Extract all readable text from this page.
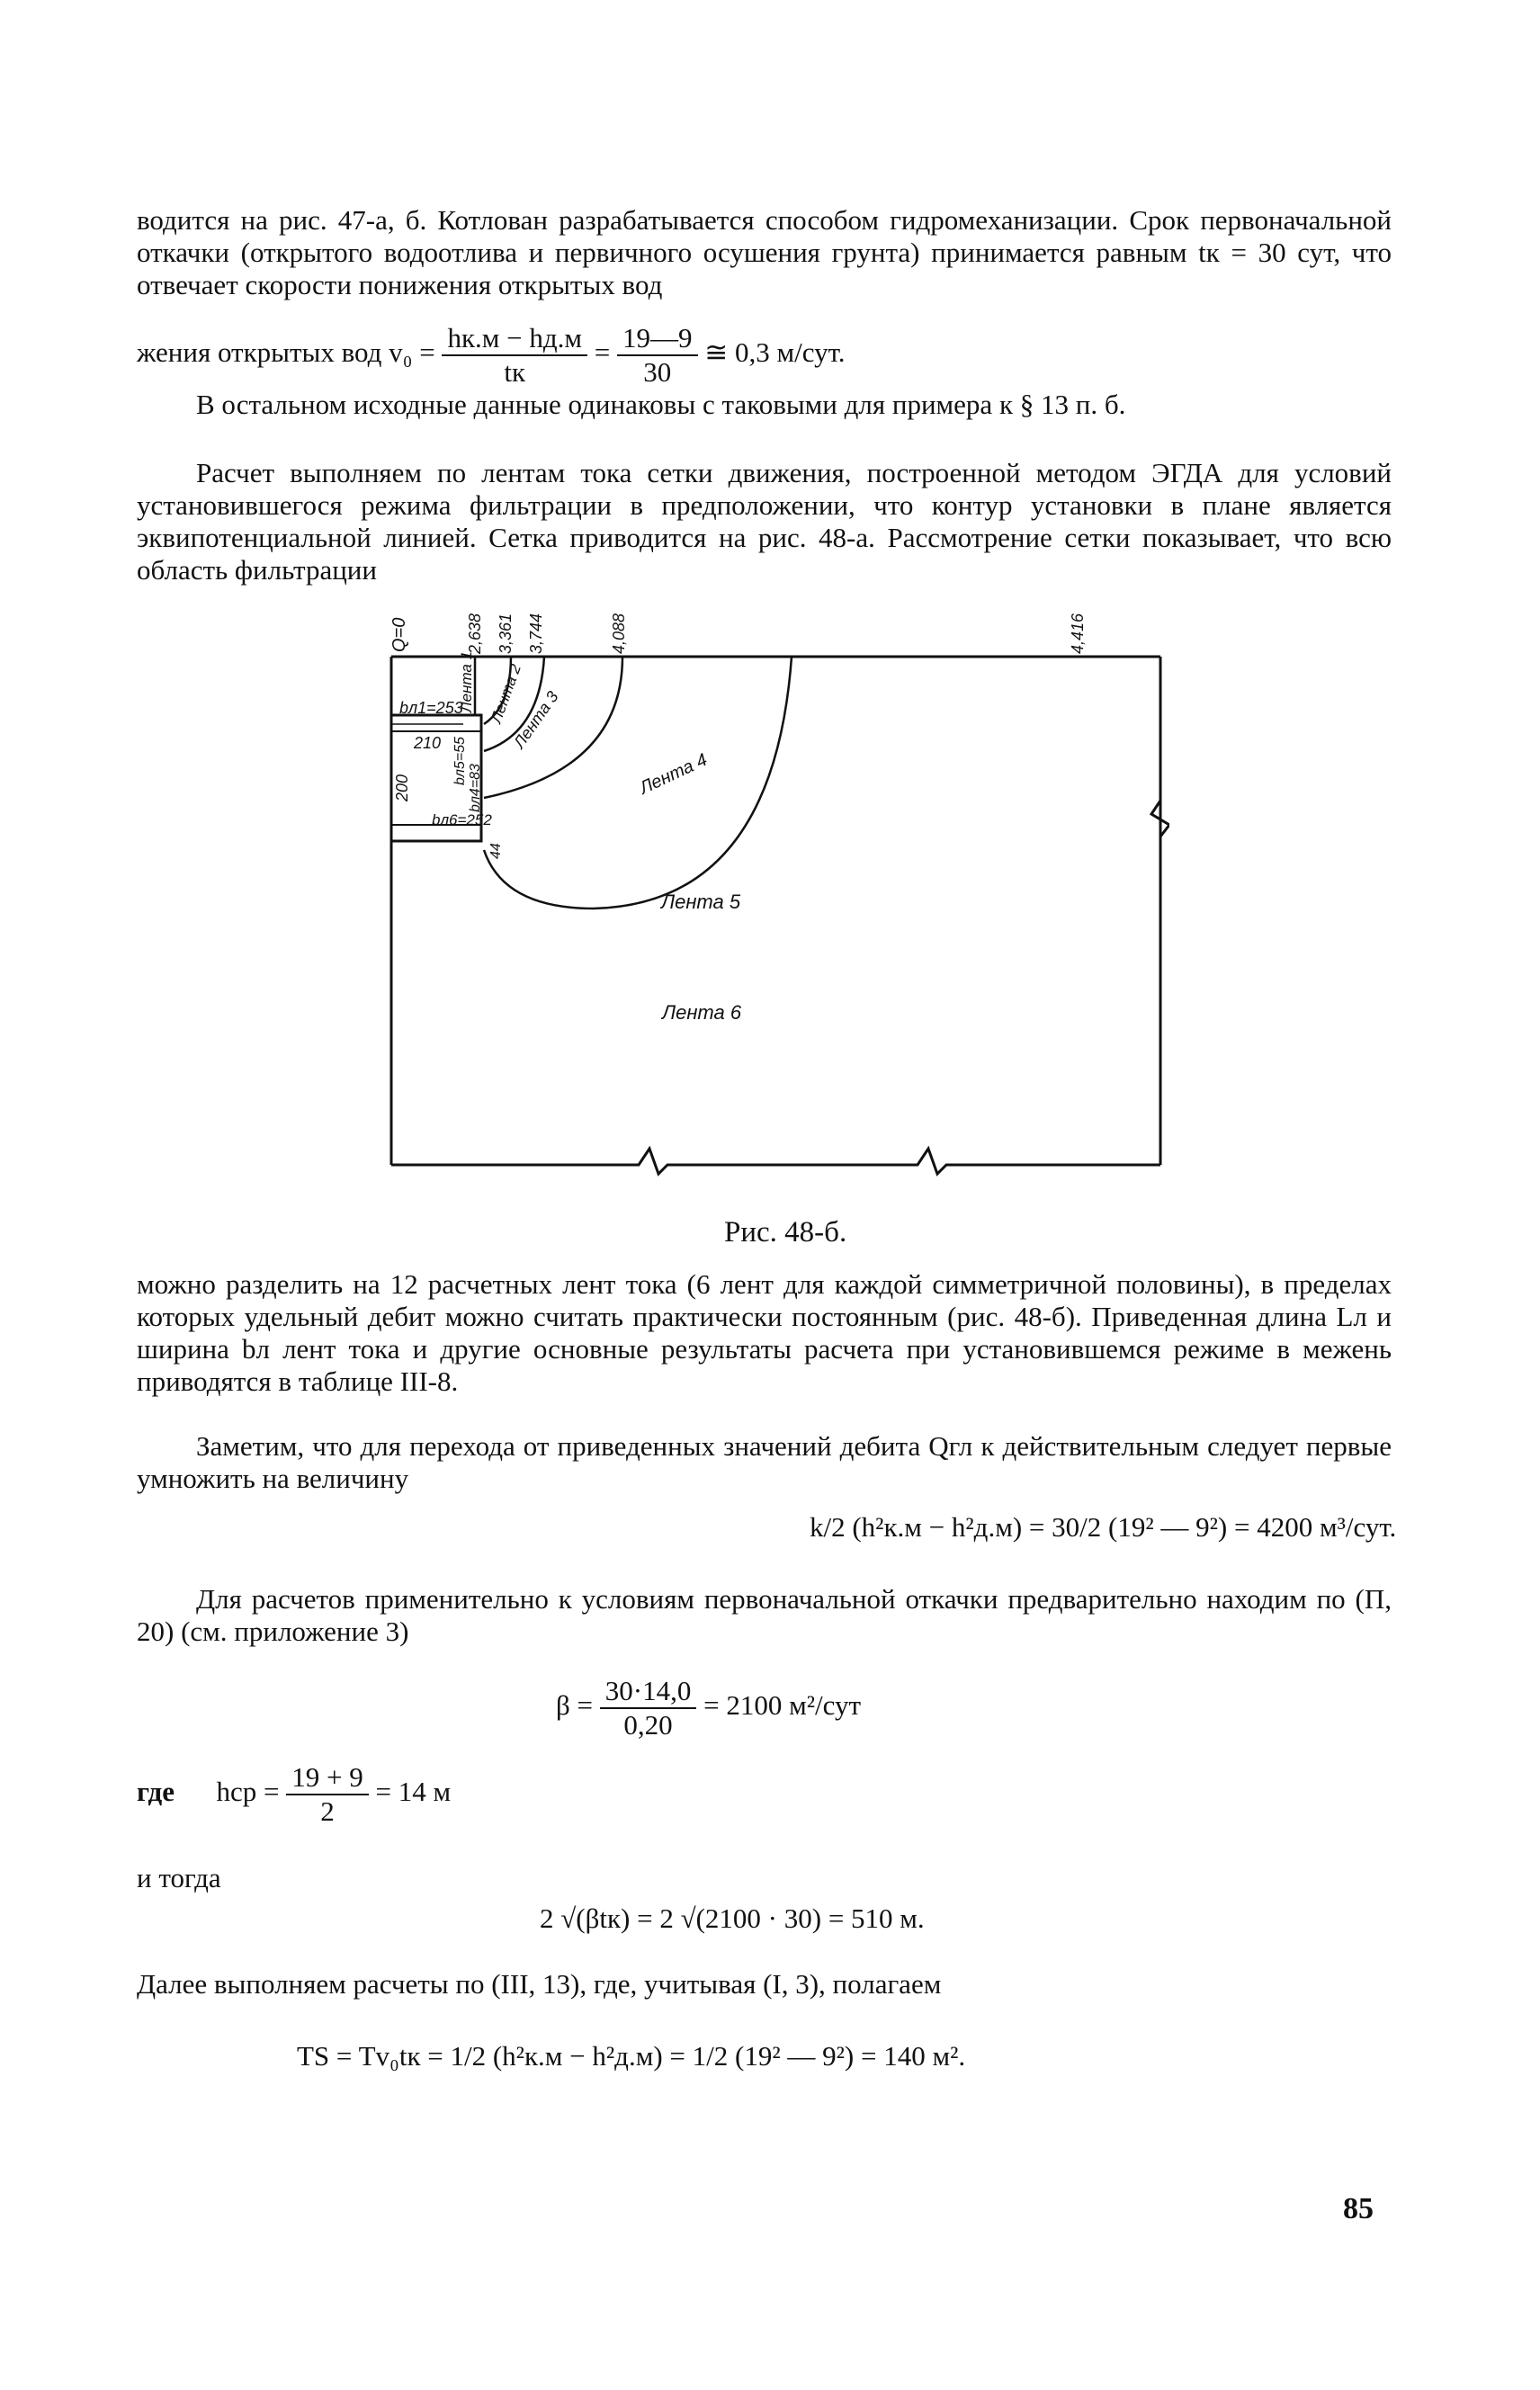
водится на рис. 47-а, б. Котлован разрабатывается способом гидромеханизации. Срок первоначальной откачки (открытого водоотлива и первичного осушения грунта) принимается равным tк = 30 сут, что отвечает скорости понижения открытых вод

жения открытых вод $v_0 = \frac{hк.м - hд.м}{tк} = \frac{19—9}{30}$ ≅ 0,3 м/сут.

В остальном исходные данные одинаковы с таковыми для примера к § 13 п. б.

Расчет выполняем по лентам тока сетки движения, построенной методом ЭГДА для условий установившегося режима фильтрации в предположении, что контур установки в плане является эквипотенциальной линией. Сетка приводится на рис. 48-а. Рассмотрение сетки показывает, что всю область фильтрации

Q=0	2,638 3,361 3,744	4,088	4,416
Лента 1 Лента 2
Лента 3
Лента 4
Лента 5
Лента 6
bл1=253
210
200
bл5=55
bл4=83
bл6=252
44
Рис. 48-б.

можно разделить на 12 расчетных лент тока (6 лент для каждой симметричной половины), в пределах которых удельный дебит можно считать практически постоянным (рис. 48-б). Приведенная длина Lл и ширина bл лент тока и другие основные результаты расчета при установившемся режиме в межень приводятся в таблице III-8.

Заметим, что для перехода от приведенных значений дебита Qгл к действительным следует первые умножить на величину

k/2 (h²к.м − h²д.м) = 30/2 (19² — 9²) = 4200 м³/сут.

Для расчетов применительно к условиям первоначальной откачки предварительно находим по (П, 20) (см. приложение 3)

$\beta = \frac{30\cdot 14,0}{0,20} = 2100$ м²/сут
где hср = $\frac{19 + 9}{2} = 14$ м
и тогда
2 √(βtк) = 2 √(2100 · 30) = 510 м.

Далее выполняем расчеты по (III, 13), где, учитывая (I, 3), полагаем

TS = Tv₀tк = 1/2 (h²к.м − h²д.м) = 1/2 (19² — 9²) = 140 м².
85
